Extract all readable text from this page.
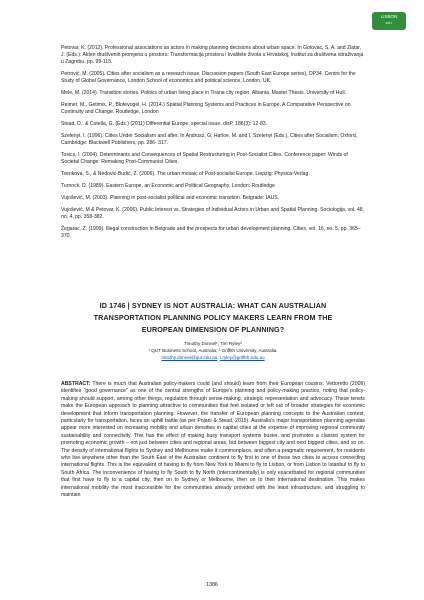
LISBON
2017

Petovar, K. (2012). Professional associations as actors in making planning decisions about urban space. In Gotovac, S. A. and Zlatar, J. (Eds.): Akteri društvenih promjena u prostoru: Transformacija prostora i kvalitete života u Hrvatskoj, Institut za društvena istraživanja u Zagrebu, pp. 99-115.

Petrović, M. (2005). Cities after socialism as a research issue. Discussion papers (South East Europe series), DP34. Centre for the Study of Global Governance, London School of economics and political science, London, UK.

Mele, M. (2014). Transition stories. Politics of urban living place in Tirana city region, Albania. Master Thesis. University of Hull.

Reimer, M., Getimis, P., Blotevogel, H. (2014.) Spatial Planning Systems and Practices in Europe. A Comparative Perspective on Continuity and Change. Routledge, London

Stead, D., & Cotella, G. (Eds.) (2011) Differential Europe, special issue, disP, 186(3): 12-83.

Szelenyi, I. (1996). Cities Under Socialism and after. In Andrusz, G; Harloe, M. and I. Szelenyi (Eds.), Cities after Socialism, Oxford, Cambridge: Blackwell Publishers, pp. 286- 317.

Tosics, I. (2004). Determinants and Consequences of Spatial Restructuring in Post-Socialist Cities. Conference paper: Winds of Societal Change: Remaking Post-Communist Cities.

Tsenkova, S., & Nedović-Budić, Z. (2006). The urban mosaic of Post-socialist Europe. Liepzig: Physica-Verlag.

Turnock, D. (1989). Eastern Europe, an Economic and Political Geography. London: Routledge

Vujošević, M. (2003). Planning in post-socialist political and economic transition. Belgrade: IAUS.

Vujošević, M & Petovar, K. (2006). Public Interest vs. Strategies of Individual Actors in Urban and Spatial Planning. Sociologija, vol. 48, no. 4, pp. 358-382.

Žegarac, Z. (1999). Illegal construction in Belgrade and the prospects for urban development planning. Cities, vol. 16, no. 5, pp. 365–370.

ID 1746 | SYDNEY IS NOT AUSTRALIA: WHAT CAN AUSTRALIAN
TRANSPORTATION PLANNING POLICY MAKERS LEARN FROM THE
EUROPEAN DIMENSION OF PLANNING?
Timothy Donnel¹; Tim Ryley²
¹ QUT Business School, Australia; ² Griffith University, Australia.
timothy.donnel@qut.edu.au; t.ryley@griffith.edu.au
ABSTRACT: There is much that Australian policy-makers could (and should) learn from their European cousins. Vettoretto (2009) identifies "good governance" as one of the central strengths of Europe's planning and policy-making practice, noting that policy-making should support, among other things, regulation through sense-making, strategic representation and advocacy. These tenets make the European approach to planning attractive to communities that feel isolated or left out of broader strategies for economic development that inform transportation planning. However, the transfer of European planning concepts to the Australian context, particularly for transportation, faces an uphill battle (as per Pojani & Stead, 2015). Australia's major transportation planning agendas appear more interested on increasing mobility and urban densities in capital cities at the expense of improving regional community sustainability and connectivity. This has the effect of making busy transport systems busier, and promotes a classist system for promoting economic growth – not just between cities and regional areas, but between biggest city and next biggest cities, and so on. The density of international flights to Sydney and Melbourne make it commonplace, and often a pragmatic requirement, for residents who live anywhere other than the South East of the Australian continent to fly first to one of these two cities to access connecting international flights. This is the equivalent of having to fly from New York to Miami to fly to Lisbon, or from Lisbon to Istanbul to fly to South Africa. The inconvenience of having to fly South to fly North (intercontinentally) is only exacerbated for regional communities that first have to fly to a capital city, then on to Sydney or Melbourne, then on to their international destination. This makes international mobility the most inaccessible for the communities already provided with the least infrastructure, and struggling to maintain
1386
